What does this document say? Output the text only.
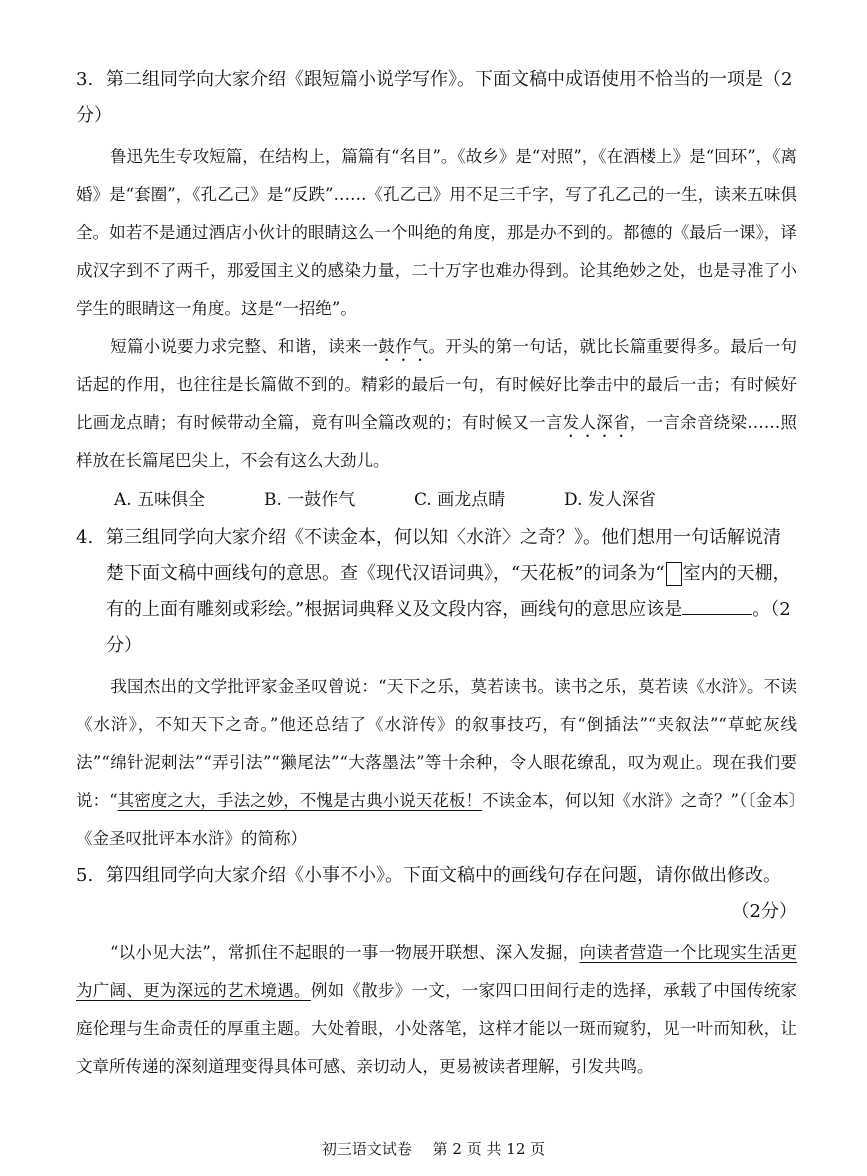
3. 第二组同学向大家介绍《跟短篇小说学写作》。下面文稿中成语使用不恰当的一项是（2分）

鲁迅先生专攻短篇，在结构上，篇篇有“名目”。《故乡》是“对照”，《在酒楼上》是“回环”，《离婚》是“套圈”，《孔乙己》是“反跌”……《孔乙己》用不足三千字，写了孔乙己的一生，读来五味俱全。如若不是通过酒店小伙计的眼睛这么一个叫绝的角度，那是办不到的。都德的《最后一课》，译成汉字到不了两千，那爱国主义的感染力量，二十万字也难办得到。论其绝妙之处，也是寻准了小学生的眼睛这一角度。这是“一招绝”。

短篇小说要力求完整、和谐，读来一鼓作气。开头的第一句话，就比长篇重要得多。最后一句话起的作用，也往往是长篇做不到的。精彩的最后一句，有时候好比拳击中的最后一击；有时候好比画龙点睛；有时候带动全篇，竟有叫全篇改观的；有时候又一言发人深省，一言余音绕梁……照样放在长篇尾巴尖上，不会有这么大劲儿。

A. 五味俱全	B. 一鼓作气	C. 画龙点睛	D. 发人深省

4. 第三组同学向大家介绍《不读金本，何以知〈水浒〉之奇？》。他们想用一句话解说清楚下面文稿中画线句的意思。查《现代汉语词典》，“天花板”的词条为“ 室内的天棚，有的上面有雕刻或彩绘。”根据词典释义及文段内容，画线句的意思应该是	。（2分）

我国杰出的文学批评家金圣叹曾说：“天下之乐，莫若读书。读书之乐，莫若读《水浒》。不读《水浒》，不知天下之奇。”他还总结了《水浒传》的叙事技巧，有“倒插法”“夹叙法”“草蛇灰线法”“绵针泥刺法”“弄引法”“獭尾法”“大落墨法”等十余种，令人眼花缭乱，叹为观止。现在我们要说：“其密度之大，手法之妙，不愧是古典小说天花板！不读金本，何以知《水浒》之奇？”（〔金本〕《金圣叹批评本水浒》的简称）

5. 第四组同学向大家介绍《小事不小》。下面文稿中的画线句存在问题，请你做出修改。

（2分）

“以小见大法”，常抓住不起眼的一事一物展开联想、深入发掘，向读者营造一个比现实生活更为广阔、更为深远的艺术境遇。例如《散步》一文，一家四口田间行走的选择，承载了中国传统家庭伦理与生命责任的厚重主题。大处着眼，小处落笔，这样才能以一斑而窥豹，见一叶而知秋，让文章所传递的深刻道理变得具体可感、亲切动人，更易被读者理解，引发共鸣。

初三语文试卷 第 2 页 共 12 页
